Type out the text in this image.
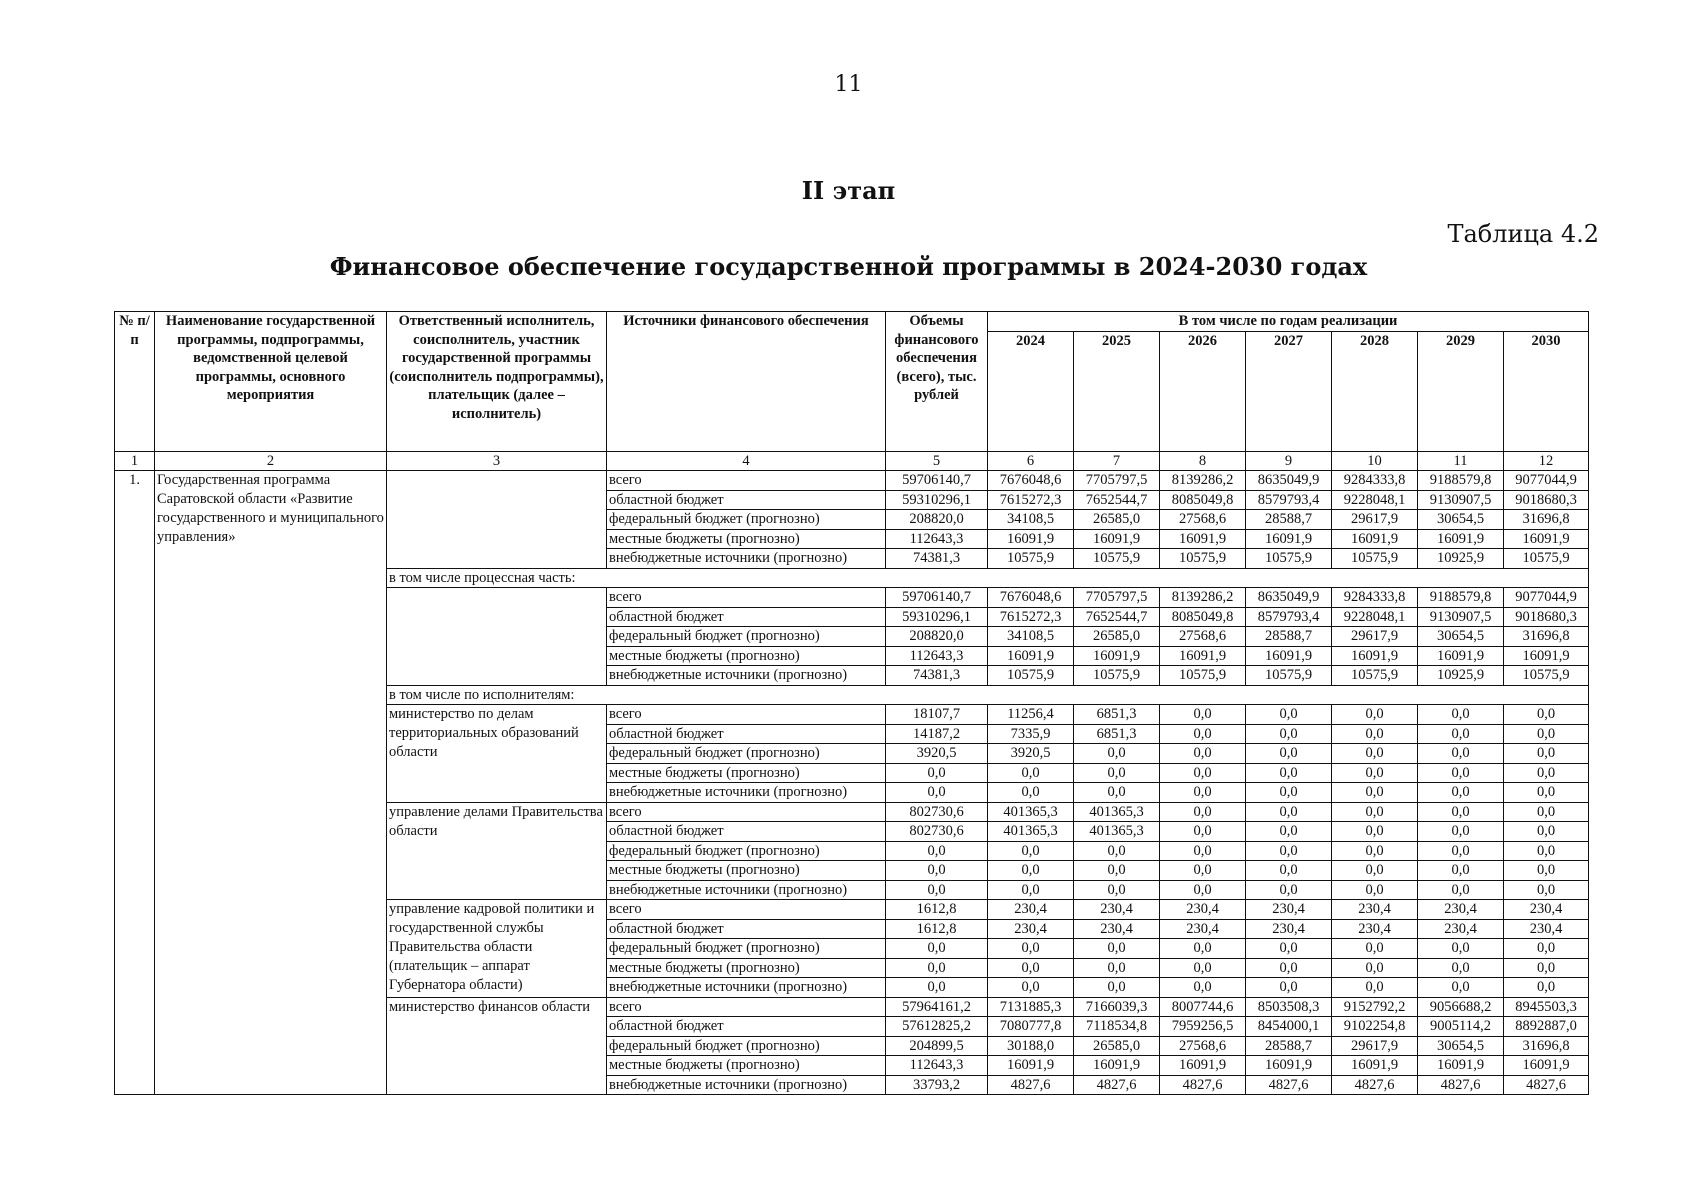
11
II этап
Таблица 4.2
Финансовое обеспечение государственной программы в 2024-2030 годах
№ п/п	Наименование государственной программы, подпрограммы, ведомственной целевой программы, основного мероприятия	Ответственный исполнитель, соисполнитель, участник государственной программы (соисполнитель подпрограммы), плательщик (далее – исполнитель)	Источники финансового обеспечения	Объемы финансового обеспечения (всего), тыс. рублей	В том числе по годам реализации						
					2024	2025	2026	2027	2028	2029	2030
1	2	3	4	5	6	7	8	9	10	11	12
1.	Государственная программа Саратовской области «Развитие государственного и муниципального управления»		всего	59706140,7	7676048,6	7705797,5	8139286,2	8635049,9	9284333,8	9188579,8	9077044,9
			областной бюджет	59310296,1	7615272,3	7652544,7	8085049,8	8579793,4	9228048,1	9130907,5	9018680,3
			федеральный бюджет (прогнозно)	208820,0	34108,5	26585,0	27568,6	28588,7	29617,9	30654,5	31696,8
			местные бюджеты (прогнозно)	112643,3	16091,9	16091,9	16091,9	16091,9	16091,9	16091,9	16091,9
			внебюджетные источники (прогнозно)	74381,3	10575,9	10575,9	10575,9	10575,9	10575,9	10925,9	10575,9
		в том числе процессная часть:									
			всего	59706140,7	7676048,6	7705797,5	8139286,2	8635049,9	9284333,8	9188579,8	9077044,9
			областной бюджет	59310296,1	7615272,3	7652544,7	8085049,8	8579793,4	9228048,1	9130907,5	9018680,3
			федеральный бюджет (прогнозно)	208820,0	34108,5	26585,0	27568,6	28588,7	29617,9	30654,5	31696,8
			местные бюджеты (прогнозно)	112643,3	16091,9	16091,9	16091,9	16091,9	16091,9	16091,9	16091,9
			внебюджетные источники (прогнозно)	74381,3	10575,9	10575,9	10575,9	10575,9	10575,9	10925,9	10575,9
		в том числе по исполнителям:									
		министерство по делам территориальных образований области	всего	18107,7	11256,4	6851,3	0,0	0,0	0,0	0,0	0,0
			областной бюджет	14187,2	7335,9	6851,3	0,0	0,0	0,0	0,0	0,0
			федеральный бюджет (прогнозно)	3920,5	3920,5	0,0	0,0	0,0	0,0	0,0	0,0
			местные бюджеты (прогнозно)	0,0	0,0	0,0	0,0	0,0	0,0	0,0	0,0
			внебюджетные источники (прогнозно)	0,0	0,0	0,0	0,0	0,0	0,0	0,0	0,0
		управление делами Правительства области	всего	802730,6	401365,3	401365,3	0,0	0,0	0,0	0,0	0,0
			областной бюджет	802730,6	401365,3	401365,3	0,0	0,0	0,0	0,0	0,0
			федеральный бюджет (прогнозно)	0,0	0,0	0,0	0,0	0,0	0,0	0,0	0,0
			местные бюджеты (прогнозно)	0,0	0,0	0,0	0,0	0,0	0,0	0,0	0,0
			внебюджетные источники (прогнозно)	0,0	0,0	0,0	0,0	0,0	0,0	0,0	0,0
		управление кадровой политики и государственной службы Правительства области (плательщик – аппарат Губернатора области)	всего	1612,8	230,4	230,4	230,4	230,4	230,4	230,4	230,4
			областной бюджет	1612,8	230,4	230,4	230,4	230,4	230,4	230,4	230,4
			федеральный бюджет (прогнозно)	0,0	0,0	0,0	0,0	0,0	0,0	0,0	0,0
			местные бюджеты (прогнозно)	0,0	0,0	0,0	0,0	0,0	0,0	0,0	0,0
			внебюджетные источники (прогнозно)	0,0	0,0	0,0	0,0	0,0	0,0	0,0	0,0
		министерство финансов области	всего	57964161,2	7131885,3	7166039,3	8007744,6	8503508,3	9152792,2	9056688,2	8945503,3
			областной бюджет	57612825,2	7080777,8	7118534,8	7959256,5	8454000,1	9102254,8	9005114,2	8892887,0
			федеральный бюджет (прогнозно)	204899,5	30188,0	26585,0	27568,6	28588,7	29617,9	30654,5	31696,8
			местные бюджеты (прогнозно)	112643,3	16091,9	16091,9	16091,9	16091,9	16091,9	16091,9	16091,9
			внебюджетные источники (прогнозно)	33793,2	4827,6	4827,6	4827,6	4827,6	4827,6	4827,6	4827,6
